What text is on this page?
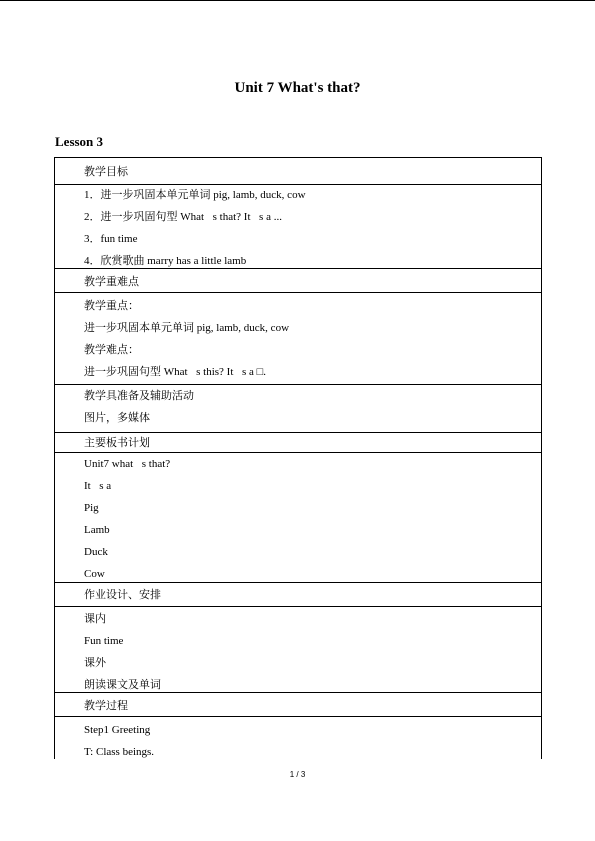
Unit 7 What's that?
Lesson 3
教学目标
1．进一步巩固本单元单词 pig, lamb, duck, cow
2．进一步巩固句型 What s that? It s a ...
3．fun time
4．欣赏歌曲 marry has a little lamb
教学重难点
教学重点：
进一步巩固本单元单词 pig, lamb, duck, cow
教学难点：
进一步巩固句型 What s this? It s a □.
教学具准备及辅助活动
图片，多媒体
主要板书计划
Unit7 what s that?
It s a
Pig
Lamb
Duck
Cow
作业设计、安排
课内
Fun time
课外
朗读课文及单词
教学过程
Step1 Greeting
T: Class beings.
1 / 3
